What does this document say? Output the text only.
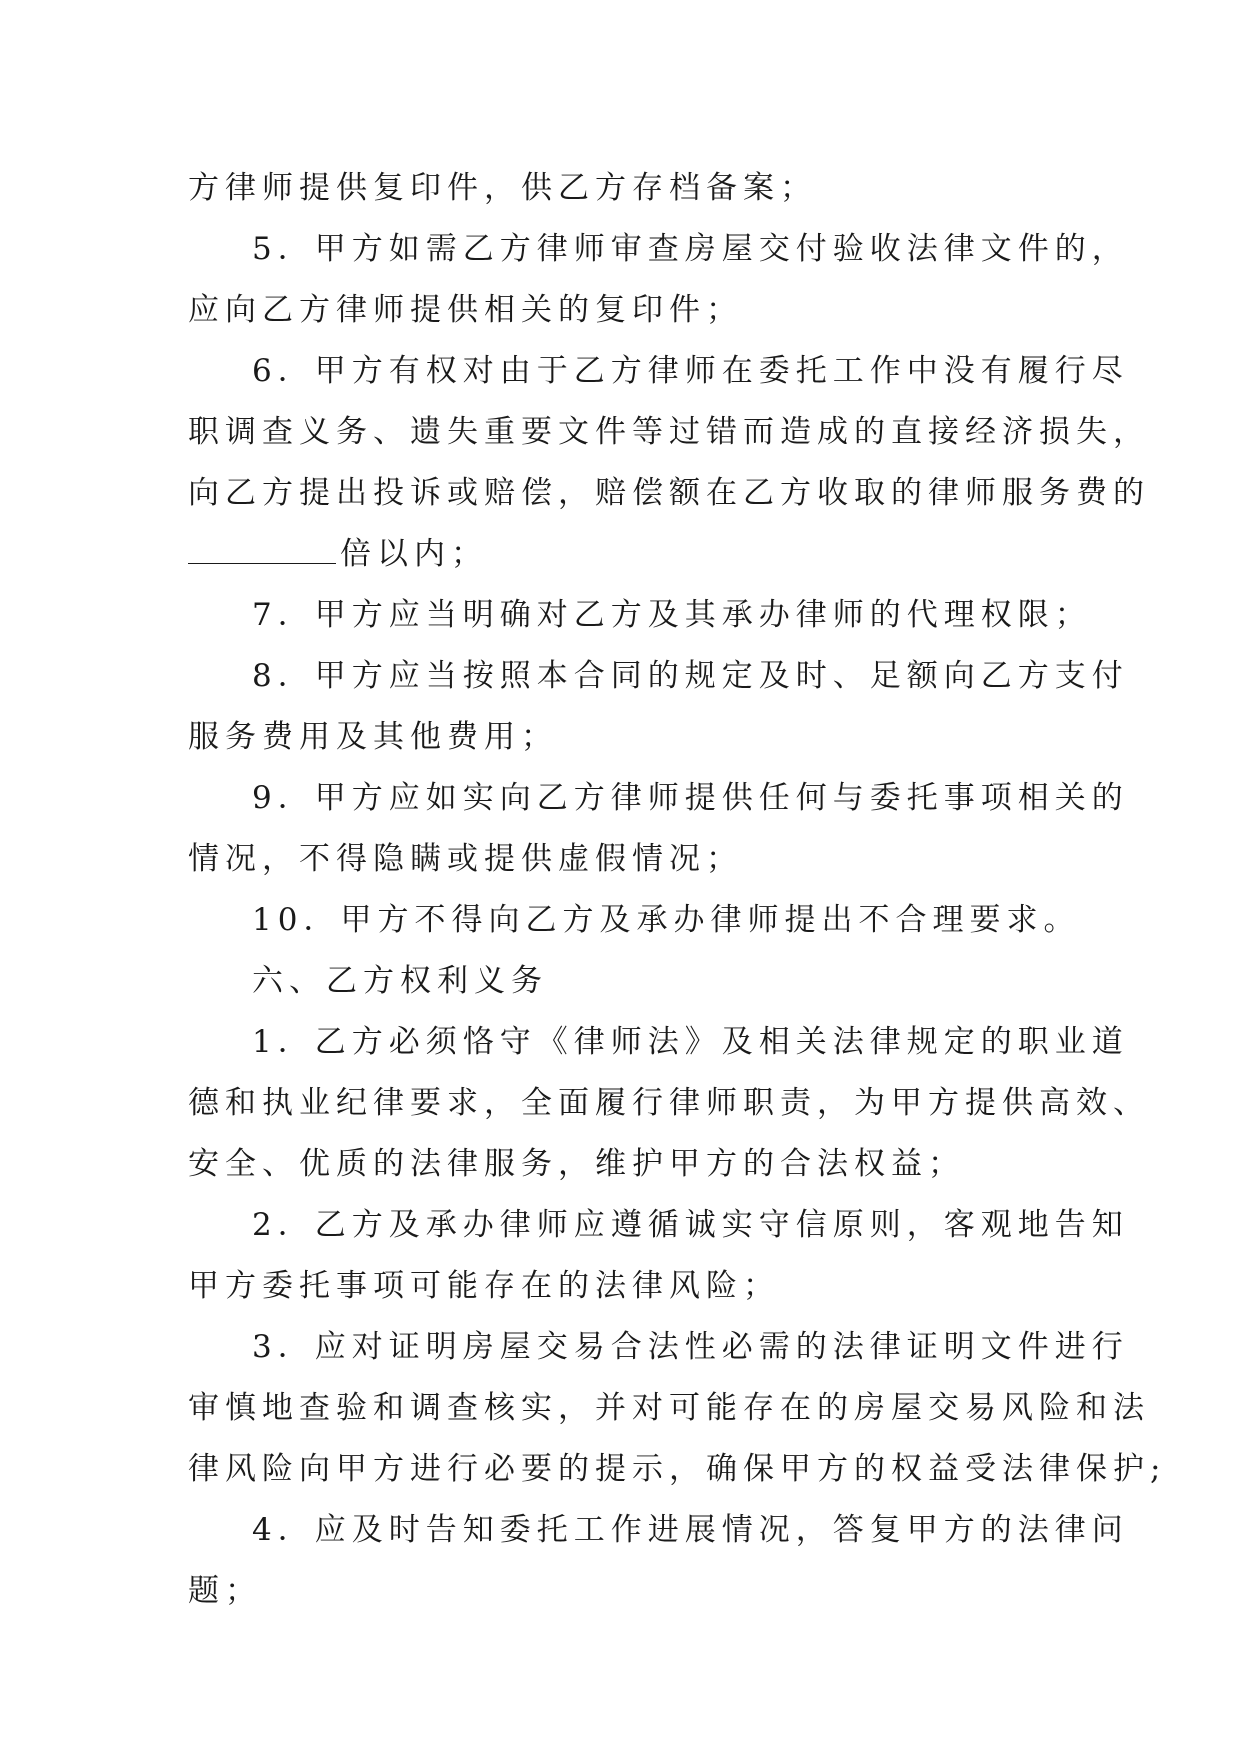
方律师提供复印件，供乙方存档备案；
5．甲方如需乙方律师审查房屋交付验收法律文件的，
应向乙方律师提供相关的复印件；
6．甲方有权对由于乙方律师在委托工作中没有履行尽
职调查义务、遗失重要文件等过错而造成的直接经济损失，
向乙方提出投诉或赔偿，赔偿额在乙方收取的律师服务费的
倍以内；
7．甲方应当明确对乙方及其承办律师的代理权限；
8．甲方应当按照本合同的规定及时、足额向乙方支付
服务费用及其他费用；
9．甲方应如实向乙方律师提供任何与委托事项相关的
情况，不得隐瞒或提供虚假情况；
10．甲方不得向乙方及承办律师提出不合理要求。
六、乙方权利义务
1．乙方必须恪守《律师法》及相关法律规定的职业道
德和执业纪律要求，全面履行律师职责，为甲方提供高效、
安全、优质的法律服务，维护甲方的合法权益；
2．乙方及承办律师应遵循诚实守信原则，客观地告知
甲方委托事项可能存在的法律风险；
3．应对证明房屋交易合法性必需的法律证明文件进行
审慎地查验和调查核实，并对可能存在的房屋交易风险和法
律风险向甲方进行必要的提示，确保甲方的权益受法律保护;
4．应及时告知委托工作进展情况，答复甲方的法律问
题；
